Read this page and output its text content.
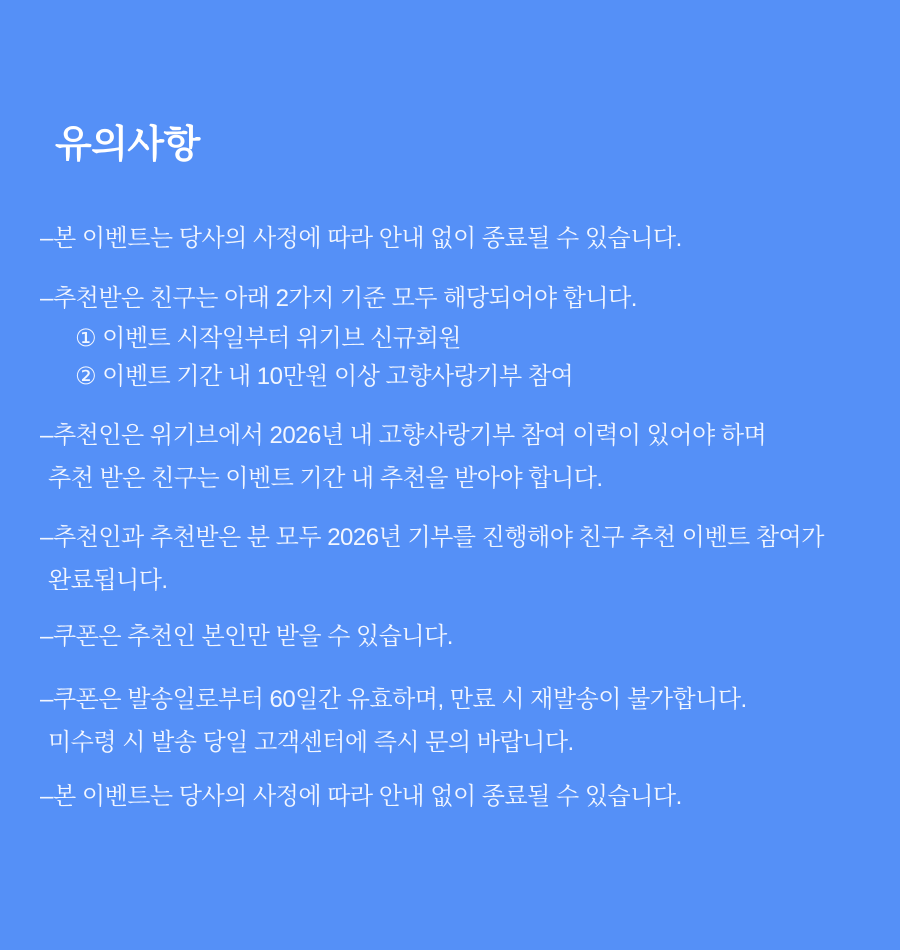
유의사항
– 본 이벤트는 당사의 사정에 따라 안내 없이 종료될 수 있습니다.
– 추천받은 친구는 아래 2가지 기준 모두 해당되어야 합니다.
① 이벤트 시작일부터 위기브 신규회원
② 이벤트 기간 내 10만원 이상 고향사랑기부 참여
– 추천인은 위기브에서 2026년 내 고향사랑기부 참여 이력이 있어야 하며
추천 받은 친구는 이벤트 기간 내 추천을 받아야 합니다.
– 추천인과 추천받은 분 모두 2026년 기부를 진행해야 친구 추천 이벤트 참여가
완료됩니다.
– 쿠폰은 추천인 본인만 받을 수 있습니다.
– 쿠폰은 발송일로부터 60일간 유효하며, 만료 시 재발송이 불가합니다.
미수령 시 발송 당일 고객센터에 즉시 문의 바랍니다.
– 본 이벤트는 당사의 사정에 따라 안내 없이 종료될 수 있습니다.
